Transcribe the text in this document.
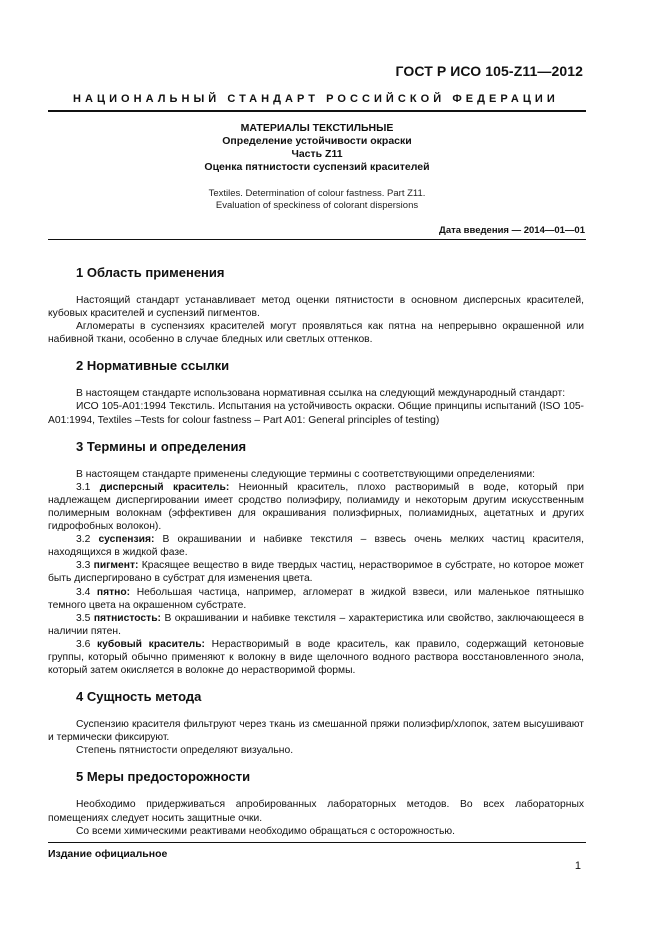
ГОСТ Р ИСО 105-Z11—2012
НАЦИОНАЛЬНЫЙ СТАНДАРТ РОССИЙСКОЙ ФЕДЕРАЦИИ
МАТЕРИАЛЫ ТЕКСТИЛЬНЫЕ
Определение устойчивости окраски
Часть Z11
Оценка пятнистости суспензий красителей
Textiles. Determination of colour fastness. Part Z11.
Evaluation of speckiness of colorant dispersions
Дата введения — 2014—01—01
1 Область применения

Настоящий стандарт устанавливает метод оценки пятнистости в основном дисперсных красителей, кубовых красителей и суспензий пигментов.

Агломераты в суспензиях красителей могут проявляться как пятна на непрерывно окрашенной или набивной ткани, особенно в случае бледных или светлых оттенков.

2 Нормативные ссылки

В настоящем стандарте использована нормативная ссылка на следующий международный стандарт:

ИСО 105-А01:1994 Текстиль. Испытания на устойчивость окраски. Общие принципы испытаний (ISO 105-A01:1994, Textiles –Tests for colour fastness – Part A01: General principles of testing)

3 Термины и определения

В настоящем стандарте применены следующие термины с соответствующими определениями:

3.1 дисперсный краситель: Неионный краситель, плохо растворимый в воде, который при надлежащем диспергировании имеет сродство полиэфиру, полиамиду и некоторым другим искусственным полимерным волокнам (эффективен для окрашивания полиэфирных, полиамидных, ацетатных и других гидрофобных волокон).

3.2 суспензия: В окрашивании и набивке текстиля – взвесь очень мелких частиц красителя, находящихся в жидкой фазе.

3.3 пигмент: Красящее вещество в виде твердых частиц, нерастворимое в субстрате, но которое может быть диспергировано в субстрат для изменения цвета.

3.4 пятно: Небольшая частица, например, агломерат в жидкой взвеси, или маленькое пятнышко темного цвета на окрашенном субстрате.

3.5 пятнистость: В окрашивании и набивке текстиля – характеристика или свойство, заключающееся в наличии пятен.

3.6 кубовый краситель: Нерастворимый в воде краситель, как правило, содержащий кетоновые группы, который обычно применяют к волокну в виде щелочного водного раствора восстановленного энола, который затем окисляется в волокне до нерастворимой формы.

4 Сущность метода

Суспензию красителя фильтруют через ткань из смешанной пряжи полиэфир/хлопок, затем высушивают и термически фиксируют.

Степень пятнистости определяют визуально.

5 Меры предосторожности

Необходимо придерживаться апробированных лабораторных методов. Во всех лабораторных помещениях следует носить защитные очки.

Со всеми химическими реактивами необходимо обращаться с осторожностью.

Издание официальное
1
